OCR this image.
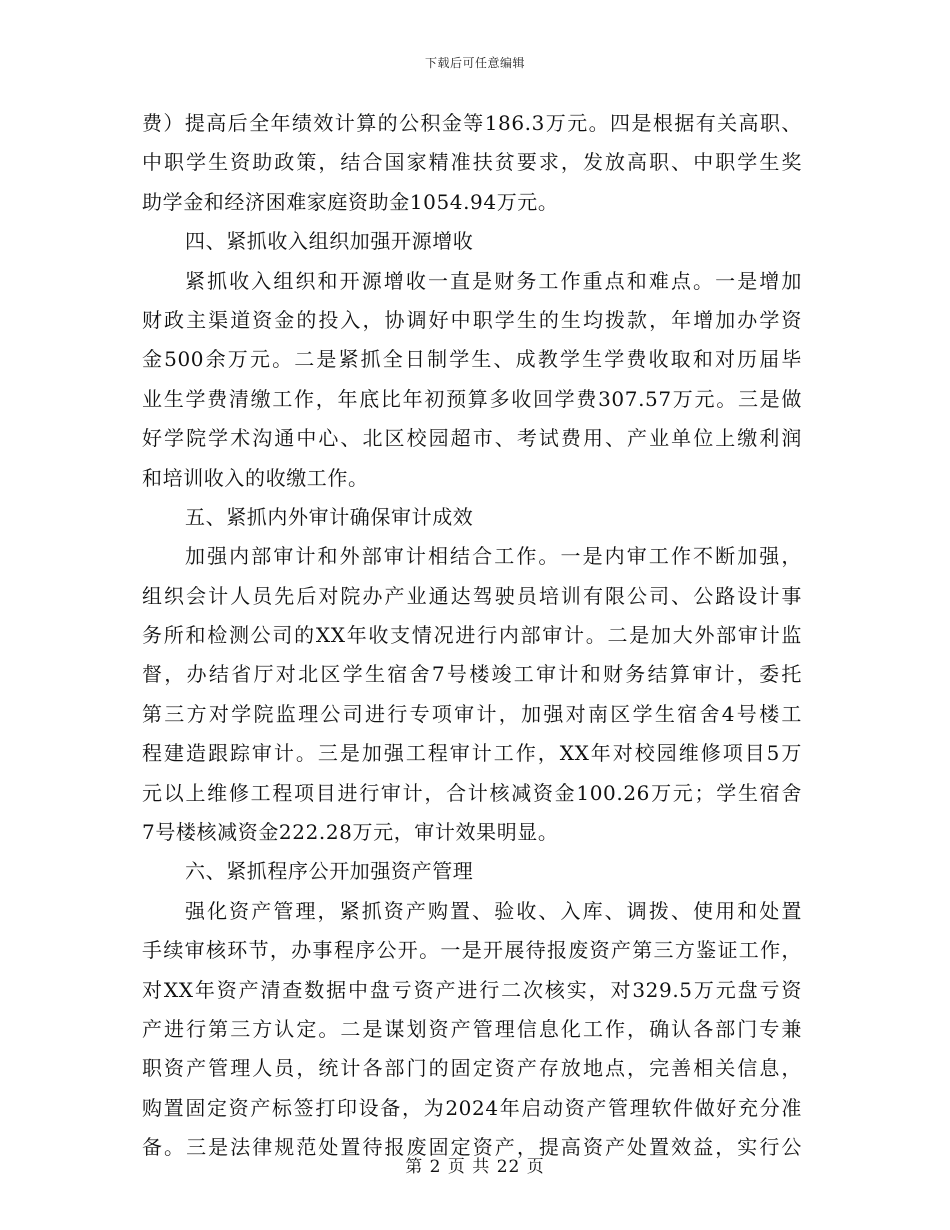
下载后可任意编辑
费）提高后全年绩效计算的公积金等186.3万元。四是根据有关高职、
中职学生资助政策，结合国家精准扶贫要求，发放高职、中职学生奖
助学金和经济困难家庭资助金1054.94万元。
四、紧抓收入组织加强开源增收
紧抓收入组织和开源增收一直是财务工作重点和难点。一是增加
财政主渠道资金的投入，协调好中职学生的生均拨款，年增加办学资
金500余万元。二是紧抓全日制学生、成教学生学费收取和对历届毕
业生学费清缴工作，年底比年初预算多收回学费307.57万元。三是做
好学院学术沟通中心、北区校园超市、考试费用、产业单位上缴利润
和培训收入的收缴工作。
五、紧抓内外审计确保审计成效
加强内部审计和外部审计相结合工作。一是内审工作不断加强，
组织会计人员先后对院办产业通达驾驶员培训有限公司、公路设计事
务所和检测公司的XX年收支情况进行内部审计。二是加大外部审计监
督，办结省厅对北区学生宿舍7号楼竣工审计和财务结算审计，委托
第三方对学院监理公司进行专项审计，加强对南区学生宿舍4号楼工
程建造跟踪审计。三是加强工程审计工作，XX年对校园维修项目5万
元以上维修工程项目进行审计，合计核减资金100.26万元；学生宿舍
7号楼核减资金222.28万元，审计效果明显。
六、紧抓程序公开加强资产管理
强化资产管理，紧抓资产购置、验收、入库、调拨、使用和处置
手续审核环节，办事程序公开。一是开展待报废资产第三方鉴证工作，
对XX年资产清查数据中盘亏资产进行二次核实，对329.5万元盘亏资
产进行第三方认定。二是谋划资产管理信息化工作，确认各部门专兼
职资产管理人员，统计各部门的固定资产存放地点，完善相关信息，
购置固定资产标签打印设备，为2024年启动资产管理软件做好充分准
备。三是法律规范处置待报废固定资产，提高资产处置效益，实行公
第 2 页 共 22 页
